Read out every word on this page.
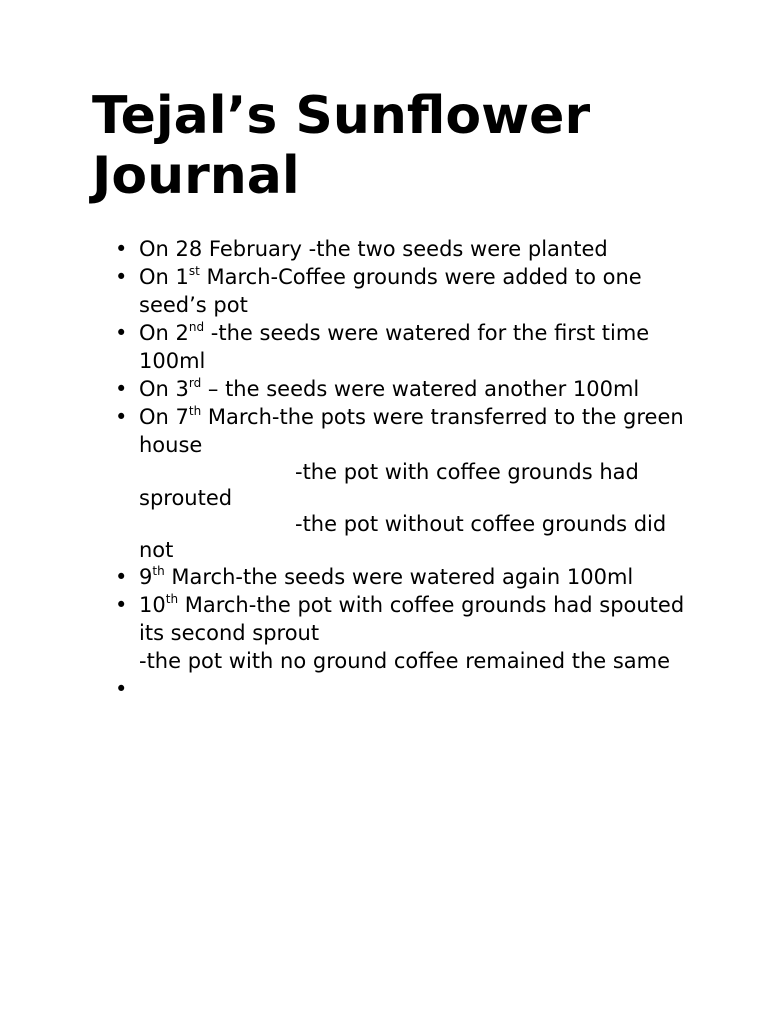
Tejal’s Sunflower Journal
• On 28 February -the two seeds were planted
• On 1st March-Coffee grounds were added to one seed’s pot
• On 2nd -the seeds were watered for the first time 100ml
• On 3rd – the seeds were watered another 100ml
• On 7th March-the pots were transferred to the green house
-the pot with coffee grounds had sprouted
-the pot without coffee grounds did not
• 9th March-the seeds were watered again 100ml
• 10th March-the pot with coffee grounds had spouted its second sprout
-the pot with no ground coffee remained the same
•
